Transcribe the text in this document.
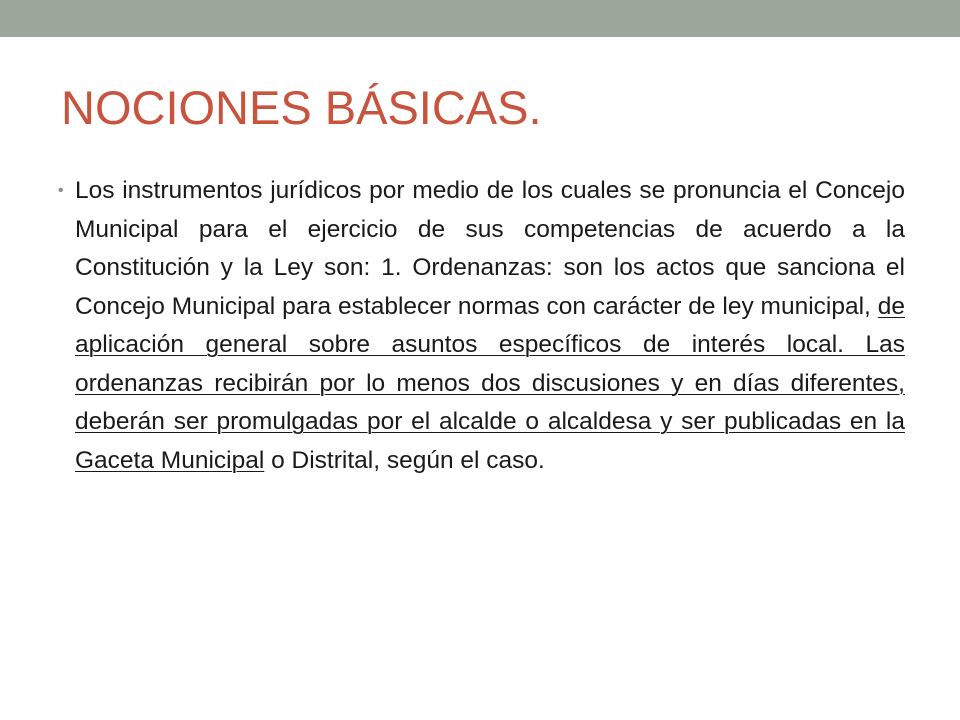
NOCIONES BÁSICAS.
• Los instrumentos jurídicos por medio de los cuales se pronuncia el Concejo Municipal para el ejercicio de sus competencias de acuerdo a la Constitución y la Ley son: 1. Ordenanzas: son los actos que sanciona el Concejo Municipal para establecer normas con carácter de ley municipal, de aplicación general sobre asuntos específicos de interés local. Las ordenanzas recibirán por lo menos dos discusiones y en días diferentes, deberán ser promulgadas por el alcalde o alcaldesa y ser publicadas en la Gaceta Municipal o Distrital, según el caso.
